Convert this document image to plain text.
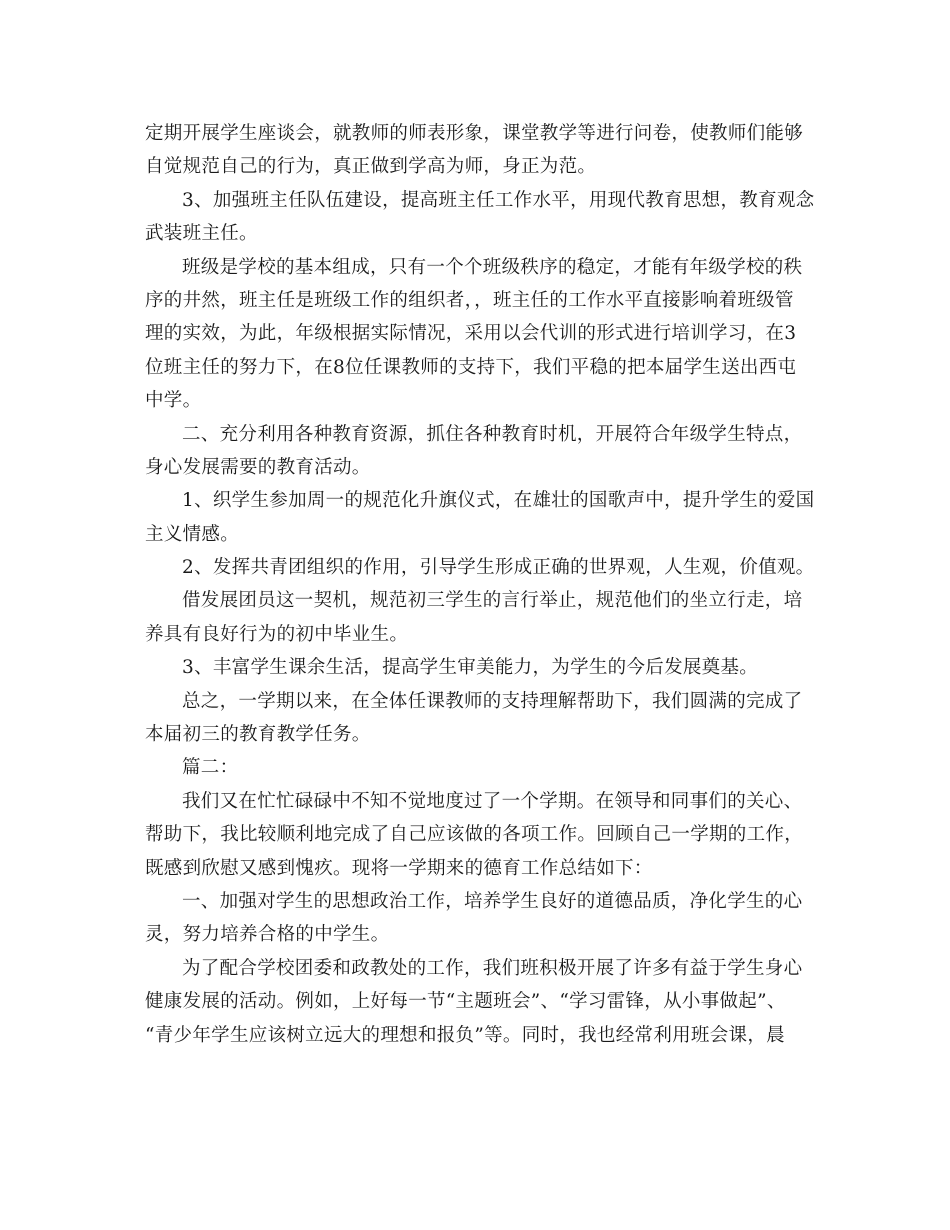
定期开展学生座谈会，就教师的师表形象，课堂教学等进行问卷，使教师们能够
自觉规范自己的行为，真正做到学高为师，身正为范。
3、加强班主任队伍建设，提高班主任工作水平，用现代教育思想，教育观念
武装班主任。
班级是学校的基本组成，只有一个个班级秩序的稳定，才能有年级学校的秩
序的井然，班主任是班级工作的组织者，，班主任的工作水平直接影响着班级管
理的实效，为此，年级根据实际情况，采用以会代训的形式进行培训学习，在3
位班主任的努力下，在8位任课教师的支持下，我们平稳的把本届学生送出西屯
中学。
二、充分利用各种教育资源，抓住各种教育时机，开展符合年级学生特点，
身心发展需要的教育活动。
1、织学生参加周一的规范化升旗仪式，在雄壮的国歌声中，提升学生的爱国
主义情感。
2、发挥共青团组织的作用，引导学生形成正确的世界观，人生观，价值观。
借发展团员这一契机，规范初三学生的言行举止，规范他们的坐立行走，培
养具有良好行为的初中毕业生。
3、丰富学生课余生活，提高学生审美能力，为学生的今后发展奠基。
总之，一学期以来，在全体任课教师的支持理解帮助下，我们圆满的完成了
本届初三的教育教学任务。
篇二：
我们又在忙忙碌碌中不知不觉地度过了一个学期。在领导和同事们的关心、
帮助下，我比较顺利地完成了自己应该做的各项工作。回顾自己一学期的工作，
既感到欣慰又感到愧疚。现将一学期来的德育工作总结如下：
一、加强对学生的思想政治工作，培养学生良好的道德品质，净化学生的心
灵，努力培养合格的中学生。
为了配合学校团委和政教处的工作，我们班积极开展了许多有益于学生身心
健康发展的活动。例如，上好每一节“主题班会”、“学习雷锋，从小事做起”、
“青少年学生应该树立远大的理想和报负”等。同时，我也经常利用班会课，晨
